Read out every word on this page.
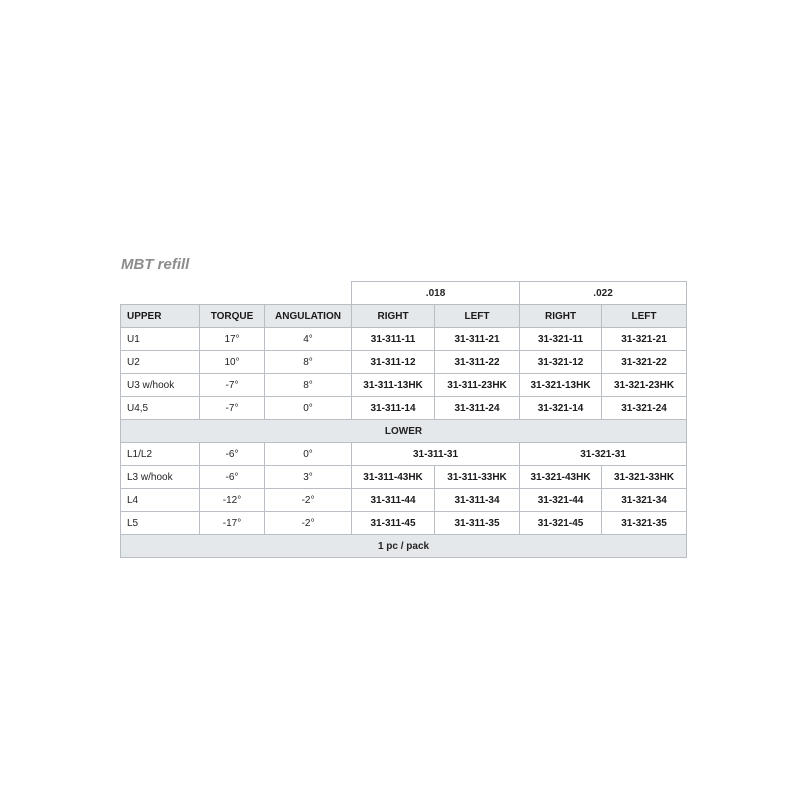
MBT refill
			.018		.022	
UPPER	TORQUE	ANGULATION	RIGHT	LEFT	RIGHT	LEFT
U1	17°	4°	31-311-11	31-311-21	31-321-11	31-321-21
U2	10°	8°	31-311-12	31-311-22	31-321-12	31-321-22
U3 w/hook	-7°	8°	31-311-13HK	31-311-23HK	31-321-13HK	31-321-23HK
U4,5	-7°	0°	31-311-14	31-311-24	31-321-14	31-321-24
LOWER						
L1/L2	-6°	0°	31-311-31		31-321-31	
L3 w/hook	-6°	3°	31-311-43HK	31-311-33HK	31-321-43HK	31-321-33HK
L4	-12°	-2°	31-311-44	31-311-34	31-321-44	31-321-34
L5	-17°	-2°	31-311-45	31-311-35	31-321-45	31-321-35
1 pc / pack						
